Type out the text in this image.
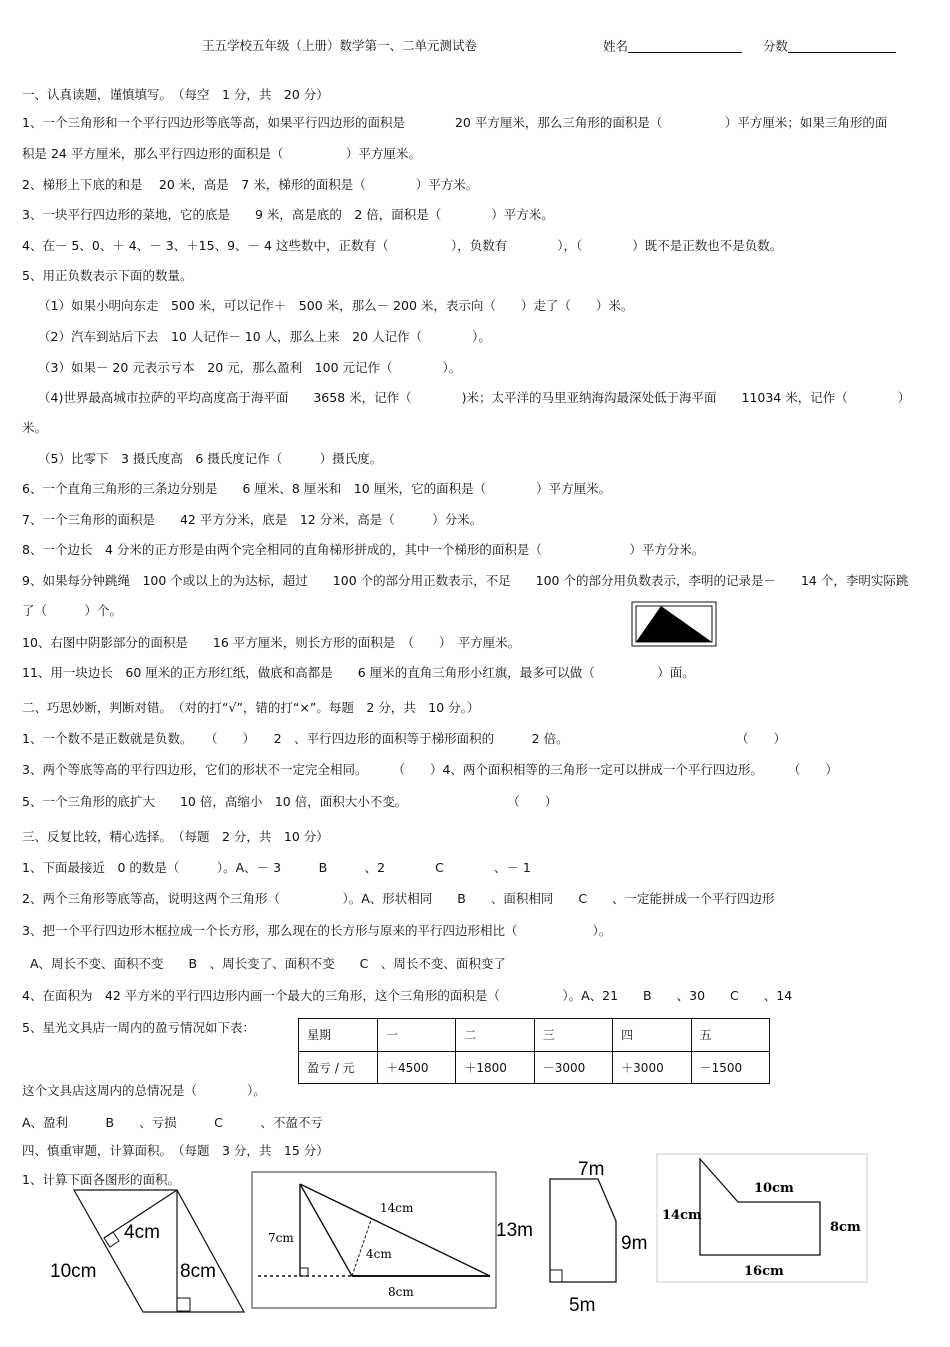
王五学校五年级（上册）数学第一、二单元测试卷	姓名	分数
一、认真读题，谨慎填写。　（每空　1 分，共　20 分）
1、一个三角形和一个平行四边形等底等高，如果平行四边形的面积是　　　　20 平方厘米，那么三角形的面积是（　　　　　）平方厘米；如果三角形的面
积是 24 平方厘米，那么平行四边形的面积是（　　　　　）平方厘米。
2、梯形上下底的和是　 20 米，高是　7 米，梯形的面积是（　　　　）平方米。
3、一块平行四边形的菜地，它的底是　　9 米，高是底的　2 倍，面积是（　　　　）平方米。
4、在－ 5、0、＋ 4、－ 3、＋15、9、－ 4 这些数中，正数有（　　　　　），负数有　　　　），（　　　　）既不是正数也不是负数。
5、用正负数表示下面的数量。
（1）如果小明向东走　500 米，可以记作＋　500 米，那么－ 200 米，表示向（　　）走了（　　）米。
（2）汽车到站后下去　10 人记作－ 10 人，那么上来　20 人记作（　　　　）。
（3）如果－ 20 元表示亏本　20 元，那么盈利　100 元记作（　　　　）。
（4)世界最高城市拉萨的平均高度高于海平面　　3658 米，记作（　　　　)米；太平洋的马里亚纳海沟最深处低于海平面　　11034 米，记作（　　　　）
米。
（5）比零下　3 摄氏度高　6 摄氏度记作（　　　）摄氏度。
6、一个直角三角形的三条边分别是　　6 厘米、8 厘米和　10 厘米，它的面积是（　　　　）平方厘米。
7、一个三角形的面积是　　42 平方分米，底是　12 分米，高是（　　　）分米。
8、一个边长　4 分米的正方形是由两个完全相同的直角梯形拼成的，其中一个梯形的面积是（　　　　　　　）平方分米。
9、如果每分钟跳绳　100 个或以上的为达标，超过　　100 个的部分用正数表示，不足　　100 个的部分用负数表示，李明的记录是－　　14 个，李明实际跳
了（　　　）个。
10、右图中阴影部分的面积是　　16 平方厘米，则长方形的面积是　（　　）　平方厘米。
11、用一块边长　60 厘米的正方形红纸，做底和高都是　　6 厘米的直角三角形小红旗，最多可以做（　　　　　）面。
二、巧思妙断，判断对错。　（对的打“√”，错的打“×”。每题　2 分，共　10 分。）
1、一个数不是正数就是负数。　　（　　）　　2　、平行四边形的面积等于梯形面积的　　　2 倍。	（　　）
3、两个等底等高的平行四边形，它们的形状不一定完全相同。　　　（　　）4、两个面积相等的三角形一定可以拼成一个平行四边形。　　　（　　）
5、一个三角形的底扩大　　10 倍，高缩小　10 倍，面积大小不变。　　　　　　　　　（　　）
三、反复比较，精心选择。　（每题　2 分，共　10 分）
1、下面最接近　0 的数是（　　　）。A、－ 3　　　B　　　、2　　　　C　　　　、－ 1
2、两个三角形等底等高，说明这两个三角形（　　　　　）。A、形状相同　　B　　、面积相同　　C　　、一定能拼成一个平行四边形
3、把一个平行四边形木框拉成一个长方形，那么现在的长方形与原来的平行四边形相比（　　　　　　）。
A、周长不变、面积不变　　B　、周长变了、面积不变　　C　、周长不变、面积变了
4、在面积为　42 平方米的平行四边形内画一个最大的三角形，这个三角形的面积是（　　　　　）。A、21　　B　　、30　　C　　、14
5、星光文具店一周内的盈亏情况如下表：
星期	一	二	三	四	五
盈亏 / 元	＋4500	＋1800	－3000	＋3000	－1500
这个文具店这周内的总情况是（　　　　）。
A、盈利　　　B　　、亏损　　　C　　　、不盈不亏
四、慎重审题，计算面积。　（每题　3 分，共　15 分）
1、计算下面各图形的面积。
4cm
10cm	8cm
14cm
7cm
4cm
8cm
7m
13m
9m
5m
10cm
14cm
8cm
16cm
